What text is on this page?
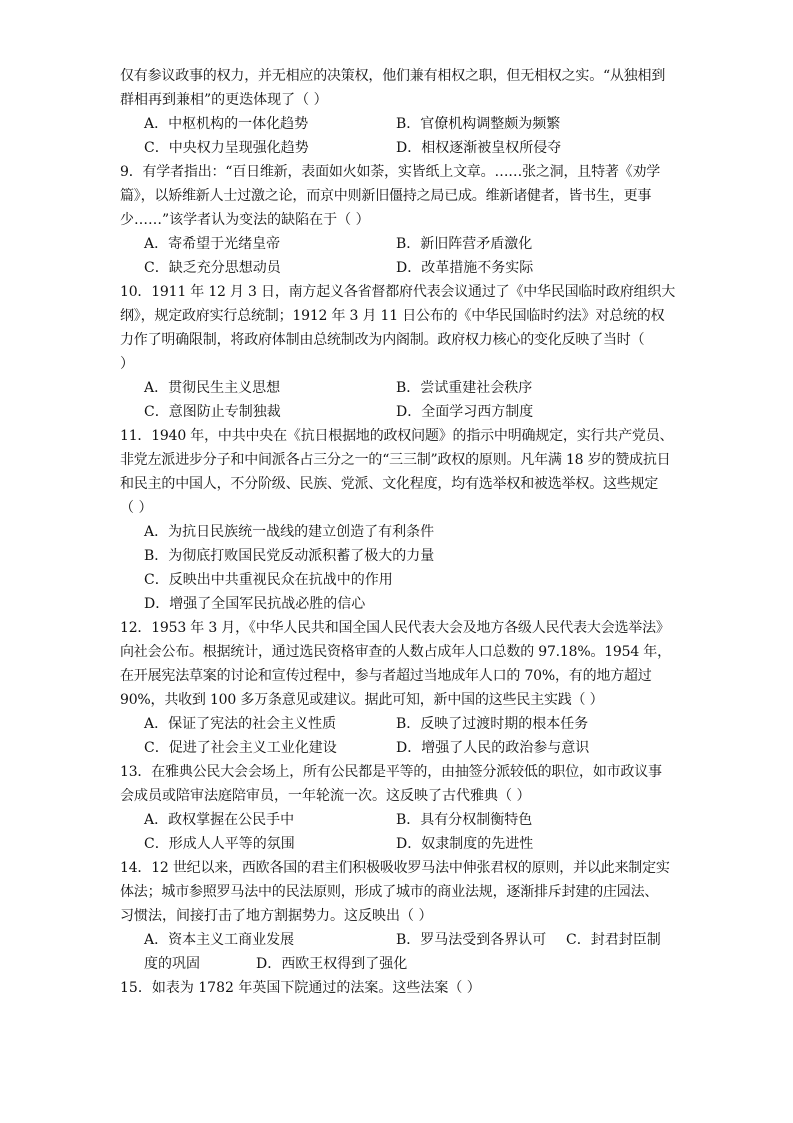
仅有参议政事的权力，并无相应的决策权，他们兼有相权之职，但无相权之实。“从独相到
群相再到兼相”的更迭体现了（ ）
A．中枢机构的一体化趋势	B．官僚机构调整颇为频繁
C．中央权力呈现强化趋势	D．相权逐渐被皇权所侵夺
9．有学者指出：“百日维新，表面如火如荼，实皆纸上文章。……张之洞，且特著《劝学
篇》，以矫维新人士过激之论，而京中则新旧僵持之局已成。维新诸健者，皆书生，更事
少……”该学者认为变法的缺陷在于（ ）
A．寄希望于光绪皇帝	B．新旧阵营矛盾激化
C．缺乏充分思想动员	D．改革措施不务实际
10．1911 年 12 月 3 日，南方起义各省督都府代表会议通过了《中华民国临时政府组织大
纲》，规定政府实行总统制；1912 年 3 月 11 日公布的《中华民国临时约法》对总统的权
力作了明确限制，将政府体制由总统制改为内阁制。政府权力核心的变化反映了当时（
）
A．贯彻民生主义思想	B．尝试重建社会秩序
C．意图防止专制独裁	D．全面学习西方制度
11．1940 年，中共中央在《抗日根据地的政权问题》的指示中明确规定，实行共产党员、
非党左派进步分子和中间派各占三分之一的“三三制”政权的原则。凡年满 18 岁的赞成抗日
和民主的中国人，不分阶级、民族、党派、文化程度，均有选举权和被选举权。这些规定
（ ）
A．为抗日民族统一战线的建立创造了有利条件
B．为彻底打败国民党反动派积蓄了极大的力量
C．反映出中共重视民众在抗战中的作用
D．增强了全国军民抗战必胜的信心
12．1953 年 3 月，《中华人民共和国全国人民代表大会及地方各级人民代表大会选举法》
向社会公布。根据统计，通过选民资格审查的人数占成年人口总数的 97.18%。1954 年，
在开展宪法草案的讨论和宣传过程中，参与者超过当地成年人口的 70%，有的地方超过
90%，共收到 100 多万条意见或建议。据此可知，新中国的这些民主实践（ ）
A．保证了宪法的社会主义性质	B．反映了过渡时期的根本任务
C．促进了社会主义工业化建设	D．增强了人民的政治参与意识
13．在雅典公民大会会场上，所有公民都是平等的，由抽签分派较低的职位，如市政议事
会成员或陪审法庭陪审员，一年轮流一次。这反映了古代雅典（ ）
A．政权掌握在公民手中	B．具有分权制衡特色
C．形成人人平等的氛围	D．奴隶制度的先进性
14．12 世纪以来，西欧各国的君主们积极吸收罗马法中伸张君权的原则，并以此来制定实
体法；城市参照罗马法中的民法原则，形成了城市的商业法规，逐渐排斥封建的庄园法、
习惯法，间接打击了地方割据势力。这反映出（ ）
A．资本主义工商业发展	B．罗马法受到各界认可 C．封君封臣制
度的巩固	D．西欧王权得到了强化
15．如表为 1782 年英国下院通过的法案。这些法案（ ）
